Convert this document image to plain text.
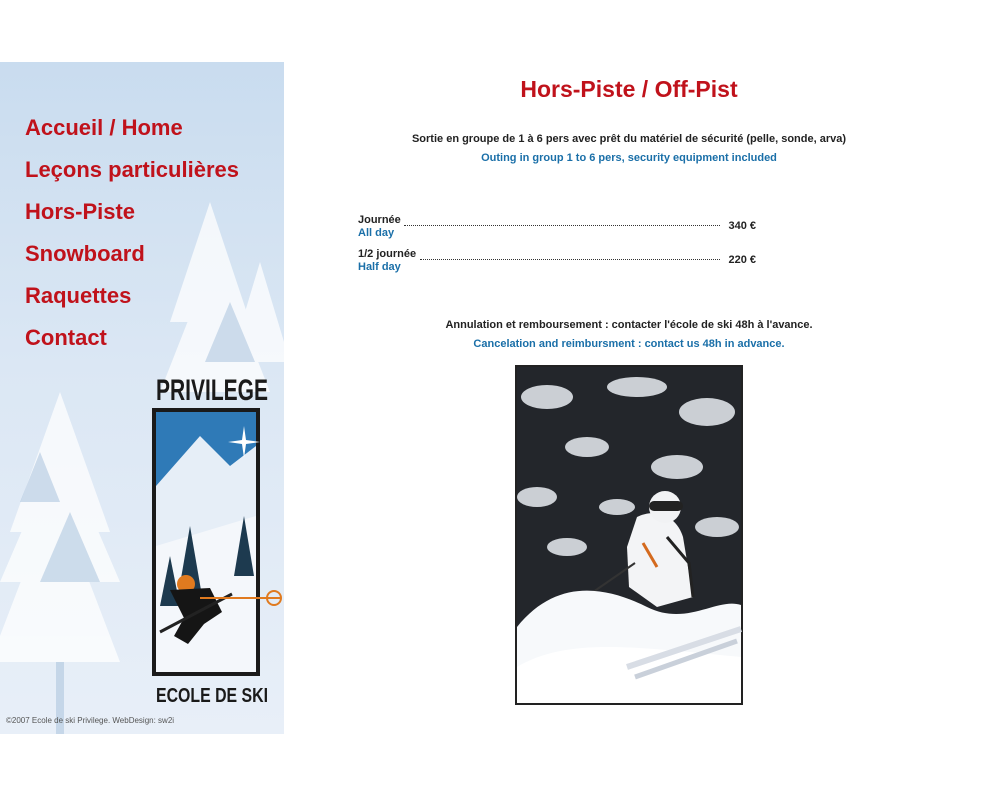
Accueil / Home
Leçons particulières
Hors-Piste
Snowboard
Raquettes
Contact
PRIVILEGE
ECOLE DE SKI
©2007 Ecole de ski Privilege. WebDesign: sw2i
Hors-Piste / Off-Pist
Sortie en groupe de 1 à 6 pers avec prêt du matériel de sécurité (pelle, sonde, arva)
Outing in group 1 to 6 pers, security equipment included
Journée
All day
340 €
1/2 journée
Half day
220 €
Annulation et remboursement : contacter l'école de ski 48h à l'avance.
Cancelation and reimbursment : contact us 48h in advance.
